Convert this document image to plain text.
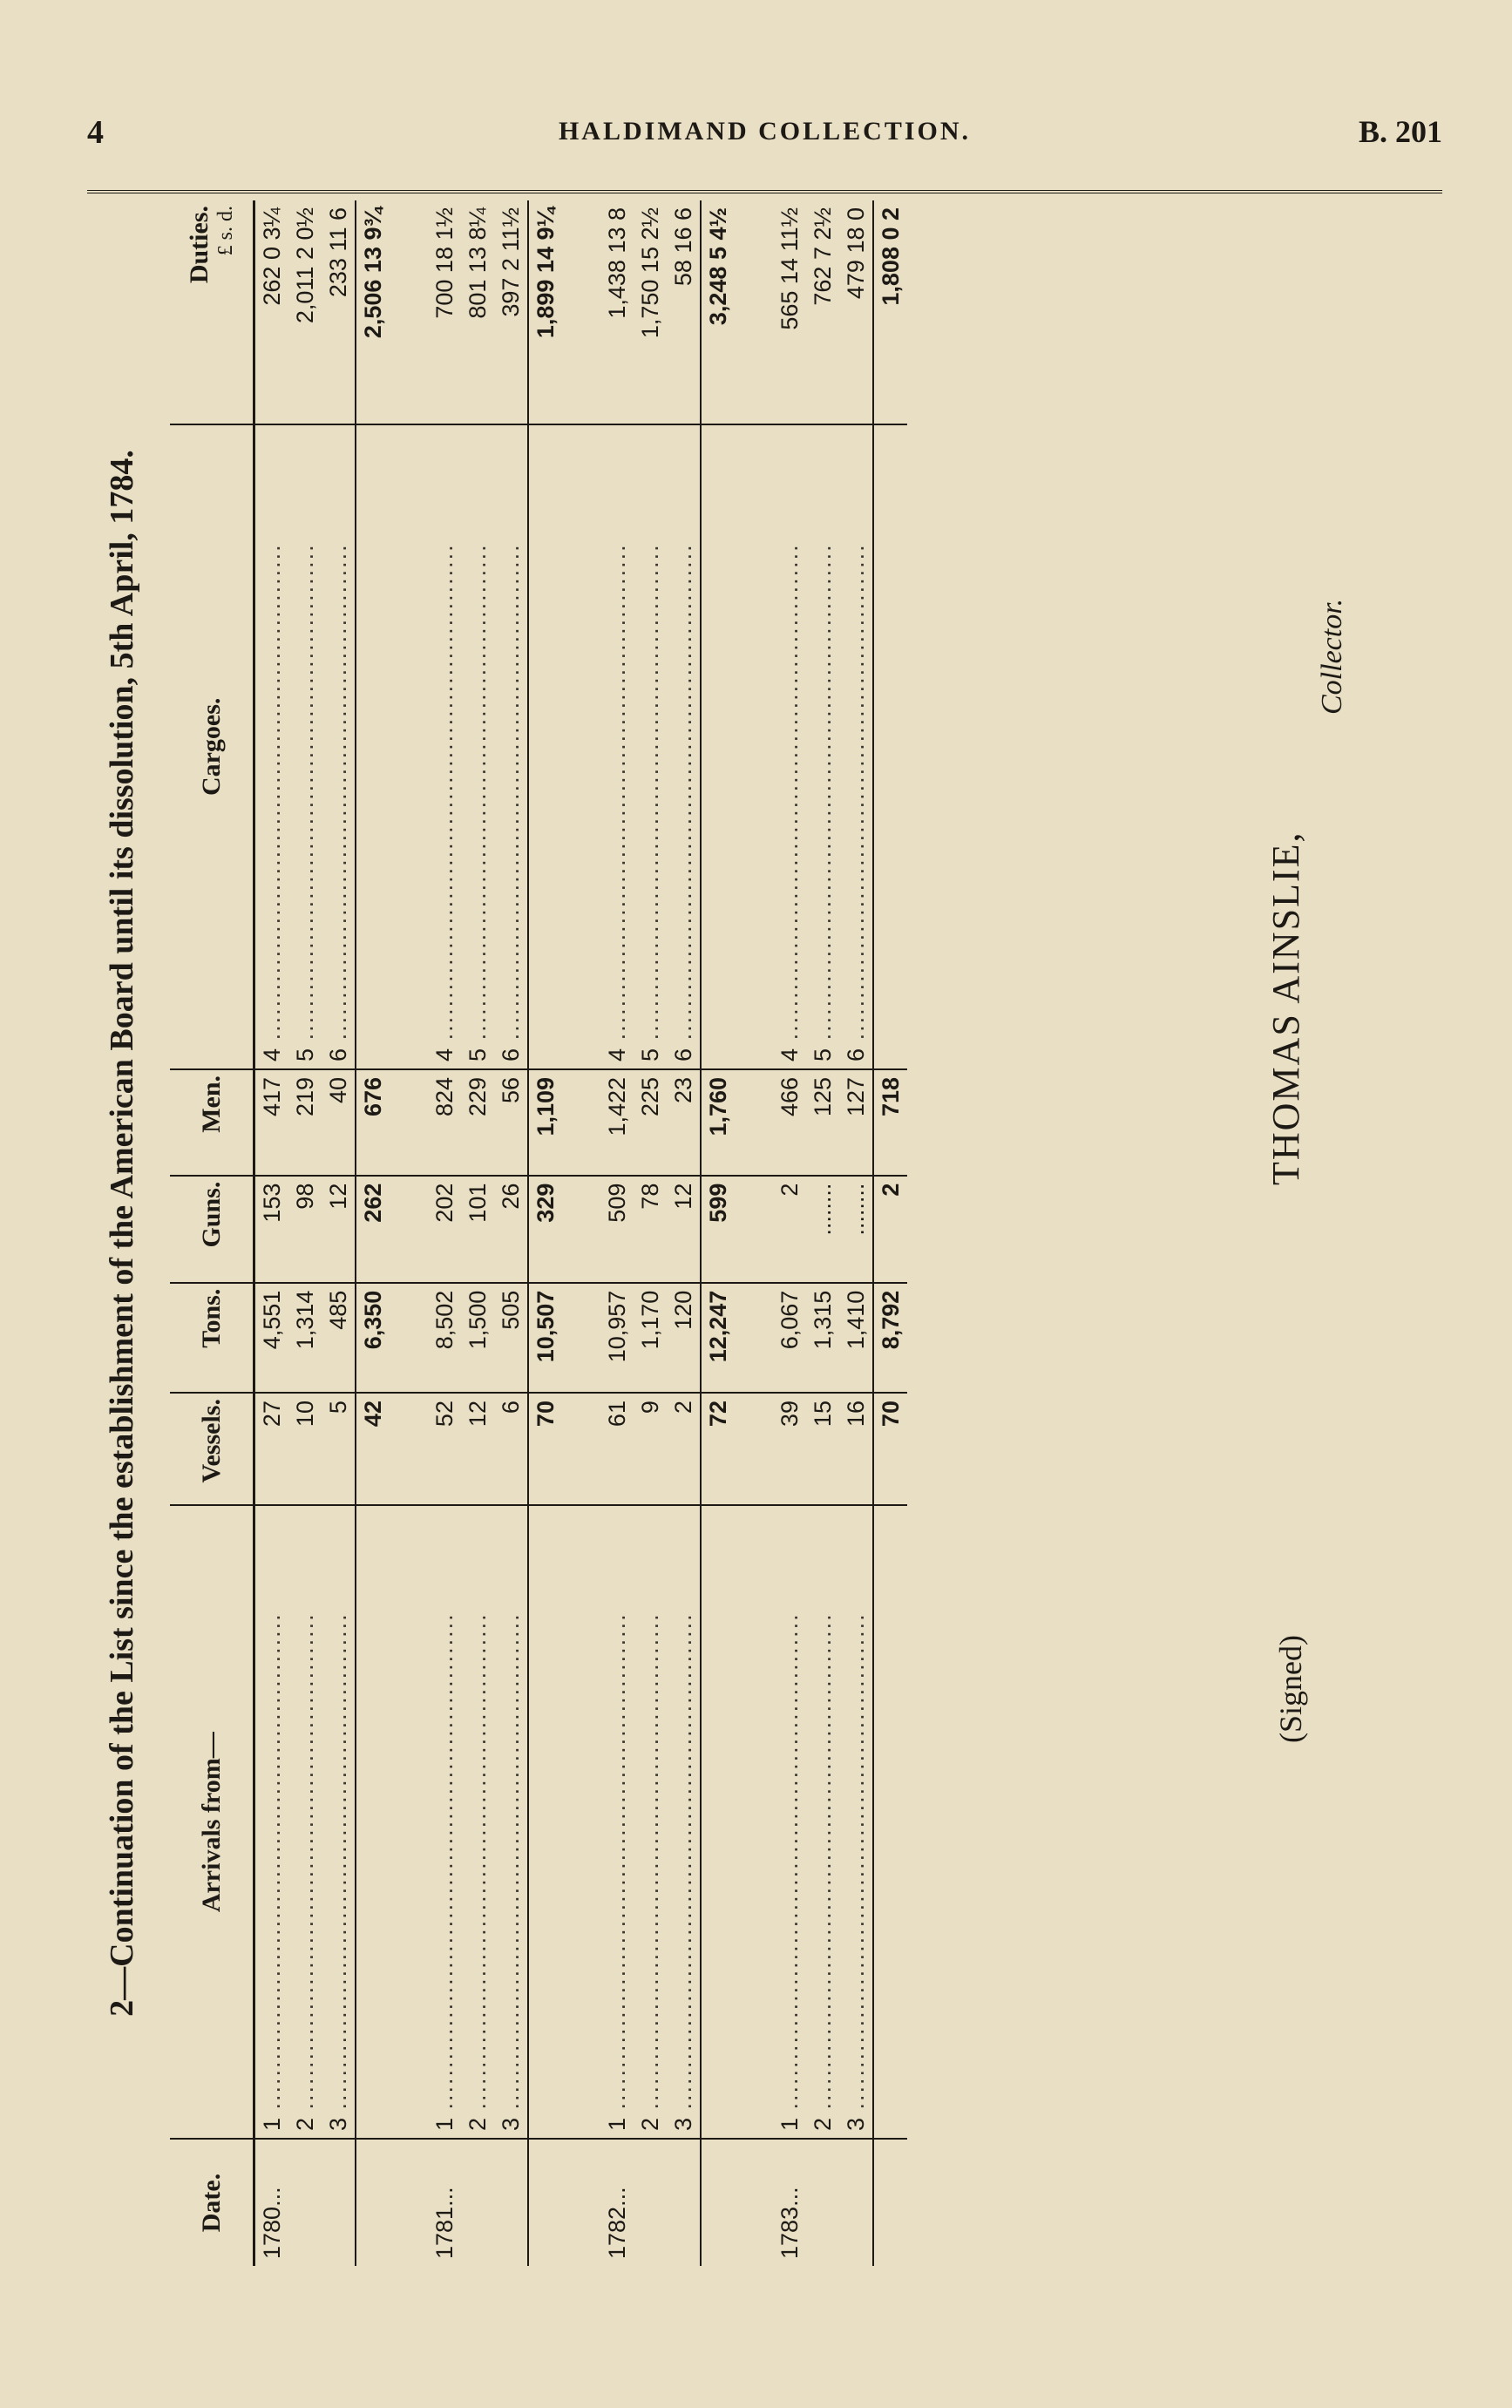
4	HALDIMAND COLLECTION.	B. 201
2—Continuation of the List since the establishment of the American Board until its dissolution, 5th April, 1784.
Date.	Arrivals from—	Vessels.	Tons.	Guns.	Men.	Cargoes.	Duties. £ s. d.

1780...	1 ............................................................	27	4,551	153	417	4 ............................................................	262 0 3¼
	2 ............................................................	10	1,314	98	219	5 ............................................................	2,011 2 0½
	3 ............................................................	5	485	12	40	6 ............................................................	233 11 6
		42	6,350	262	676		2,506 13 9¾

1781...	1 ............................................................	52	8,502	202	824	4 ............................................................	700 18 1½
	2 ............................................................	12	1,500	101	229	5 ............................................................	801 13 8¼
	3 ............................................................	6	505	26	56	6 ............................................................	397 2 11½
		70	10,507	329	1,109		1,899 14 9¼

1782...	1 ............................................................	61	10,957	509	1,422	4 ............................................................	1,438 13 8
	2 ............................................................	9	1,170	78	225	5 ............................................................	1,750 15 2½
	3 ............................................................	2	120	12	23	6 ............................................................	58 16 6
		72	12,247	599	1,760		3,248 5 4½

1783...	1 ............................................................	39	6,067	2	466	4 ............................................................	565 14 11½
	2 ............................................................	15	1,315	........	125	5 ............................................................	762 7 2½
	3 ............................................................	16	1,410	........	127	6 ............................................................	479 18 0
		70	8,792	2	718		1,808 0 2
(Signed)
THOMAS AINSLIE,
Collector.
